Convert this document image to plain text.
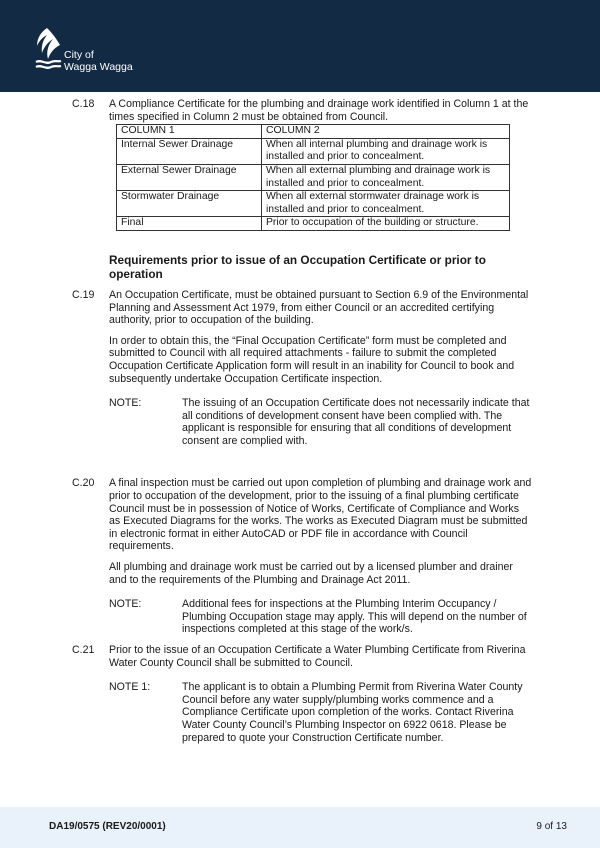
City of
Wagga Wagga
C.18 A Compliance Certificate for the plumbing and drainage work identified in Column 1 at the times specified in Column 2 must be obtained from Council.

COLUMN 1	COLUMN 2
Internal Sewer Drainage	When all internal plumbing and drainage work is installed and prior to concealment.
External Sewer Drainage	When all external plumbing and drainage work is installed and prior to concealment.
Stormwater Drainage	When all external stormwater drainage work is installed and prior to concealment.
Final	Prior to occupation of the building or structure.
Requirements prior to issue of an Occupation Certificate or prior to operation
C.19 An Occupation Certificate, must be obtained pursuant to Section 6.9 of the Environmental Planning and Assessment Act 1979, from either Council or an accredited certifying authority, prior to occupation of the building.

In order to obtain this, the “Final Occupation Certificate” form must be completed and submitted to Council with all required attachments - failure to submit the completed Occupation Certificate Application form will result in an inability for Council to book and subsequently undertake Occupation Certificate inspection.

NOTE:	The issuing of an Occupation Certificate does not necessarily indicate that all conditions of development consent have been complied with. The applicant is responsible for ensuring that all conditions of development consent are complied with.

C.20 A final inspection must be carried out upon completion of plumbing and drainage work and prior to occupation of the development, prior to the issuing of a final plumbing certificate Council must be in possession of Notice of Works, Certificate of Compliance and Works as Executed Diagrams for the works. The works as Executed Diagram must be submitted in electronic format in either AutoCAD or PDF file in accordance with Council requirements.

All plumbing and drainage work must be carried out by a licensed plumber and drainer and to the requirements of the Plumbing and Drainage Act 2011.

NOTE:	Additional fees for inspections at the Plumbing Interim Occupancy / Plumbing Occupation stage may apply. This will depend on the number of inspections completed at this stage of the work/s.

C.21 Prior to the issue of an Occupation Certificate a Water Plumbing Certificate from Riverina Water County Council shall be submitted to Council.

NOTE 1:	The applicant is to obtain a Plumbing Permit from Riverina Water County Council before any water supply/plumbing works commence and a Compliance Certificate upon completion of the works. Contact Riverina Water County Council’s Plumbing Inspector on 6922 0618. Please be prepared to quote your Construction Certificate number.

DA19/0575 (REV20/0001)	9 of 13
